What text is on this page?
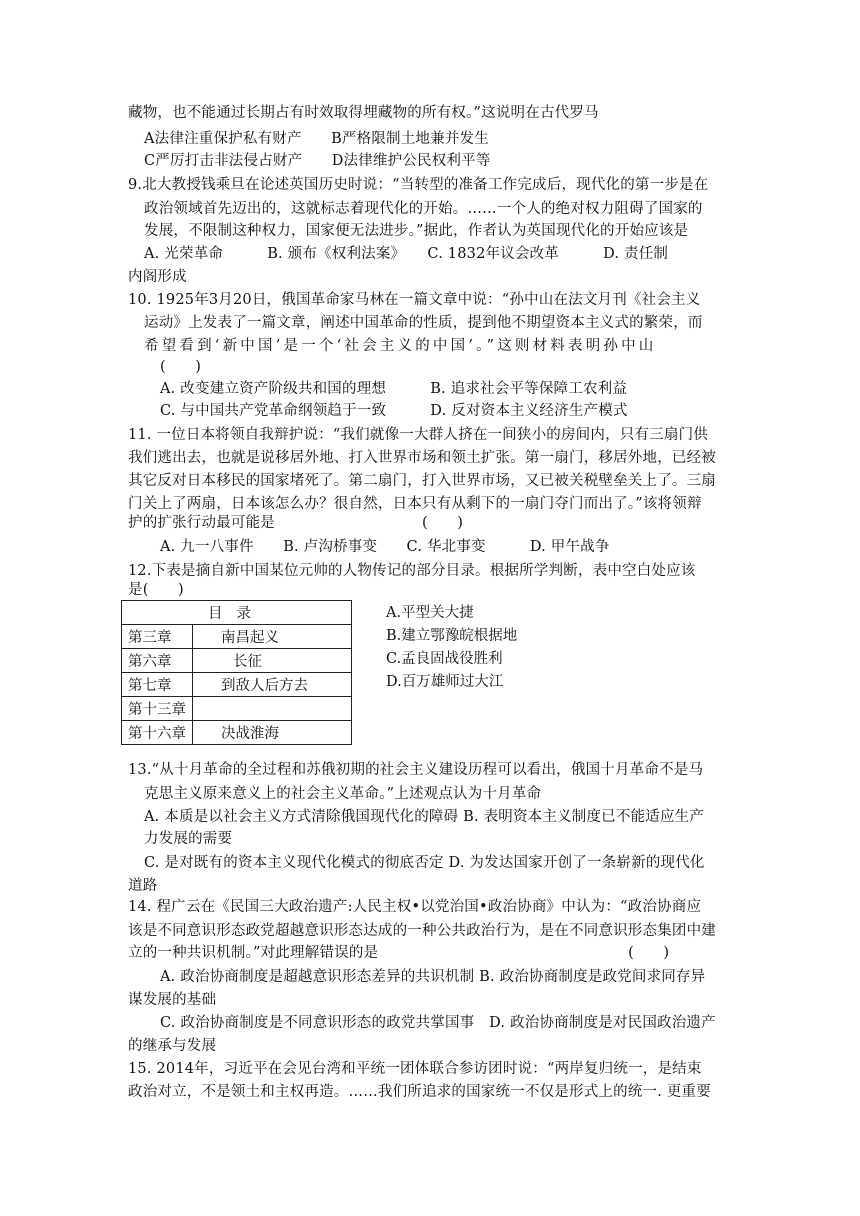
藏物，也不能通过长期占有时效取得埋藏物的所有权。”这说明在古代罗马
A法律注重保护私有财产　　B严格限制土地兼并发生
C严厉打击非法侵占财产　　D法律维护公民权利平等
9.北大教授钱乘旦在论述英国历史时说：“当转型的准备工作完成后，现代化的第一步是在
政治领域首先迈出的，这就标志着现代化的开始。……一个人的绝对权力阻碍了国家的
发展，不限制这种权力，国家便无法进步。”据此，作者认为英国现代化的开始应该是
A. 光荣革命　　　B. 颁布《权利法案》　　C. 1832年议会改革　　　D. 责任制
内阁形成
10. 1925年3月20日，俄国革命家马林在一篇文章中说：“孙中山在法文月刊《社会主义
运动》上发表了一篇文章，阐述中国革命的性质，提到他不期望资本主义式的繁荣，而
希望看到‘新中国’是一个‘社会主义的中国’。”这则材料表明孙中山
(　　)
A. 改变建立资产阶级共和国的理想　　　B. 追求社会平等保障工农利益
C. 与中国共产党革命纲领趋于一致　　　D. 反对资本主义经济生产模式
11. 一位日本将领自我辩护说：“我们就像一大群人挤在一间狭小的房间内，只有三扇门供
我们逃出去，也就是说移居外地、打入世界市场和领土扩张。第一扇门，移居外地，已经被
其它反对日本移民的国家堵死了。第二扇门，打入世界市场，又已被关税壁垒关上了。三扇
门关上了两扇，日本该怎么办？很自然，日本只有从剩下的一扇门夺门而出了。”该将领辩
护的扩张行动最可能是　　　　　　　　　　(　　)
A. 九一八事件　　B. 卢沟桥事变　　C. 华北事变　　　D. 甲午战争
12.下表是摘自新中国某位元帅的人物传记的部分目录。根据所学判断，表中空白处应该
是(　　)
目录	
第三章	南昌起义
第六章	长征
第七章	到敌人后方去
第十三章	
第十六章	决战淮海
A.平型关大捷
B.建立鄂豫皖根据地
C.孟良固战役胜利
D.百万雄师过大江
13.“从十月革命的全过程和苏俄初期的社会主义建设历程可以看出，俄国十月革命不是马
克思主义原来意义上的社会主义革命。”上述观点认为十月革命
A. 本质是以社会主义方式清除俄国现代化的障碍 B. 表明资本主义制度已不能适应生产
力发展的需要
C. 是对既有的资本主义现代化模式的彻底否定 D. 为发达国家开创了一条崭新的现代化
道路
14. 程广云在《民国三大政治遗产:人民主权•以党治国•政治协商》中认为：“政治协商应
该是不同意识形态政党超越意识形态达成的一种公共政治行为，是在不同意识形态集团中建
立的一种共识机制。”对此理解错误的是　　　　　　　　　　　　　　　　　(　　)
A. 政治协商制度是超越意识形态差异的共识机制 B. 政治协商制度是政党间求同存异
谋发展的基础
C. 政治协商制度是不同意识形态的政党共掌国事　D. 政治协商制度是对民国政治遗产
的继承与发展
15. 2014年，习近平在会见台湾和平统一团体联合参访团时说：“两岸复归统一，是结束
政治对立，不是领土和主权再造。……我们所追求的国家统一不仅是形式上的统一. 更重要
